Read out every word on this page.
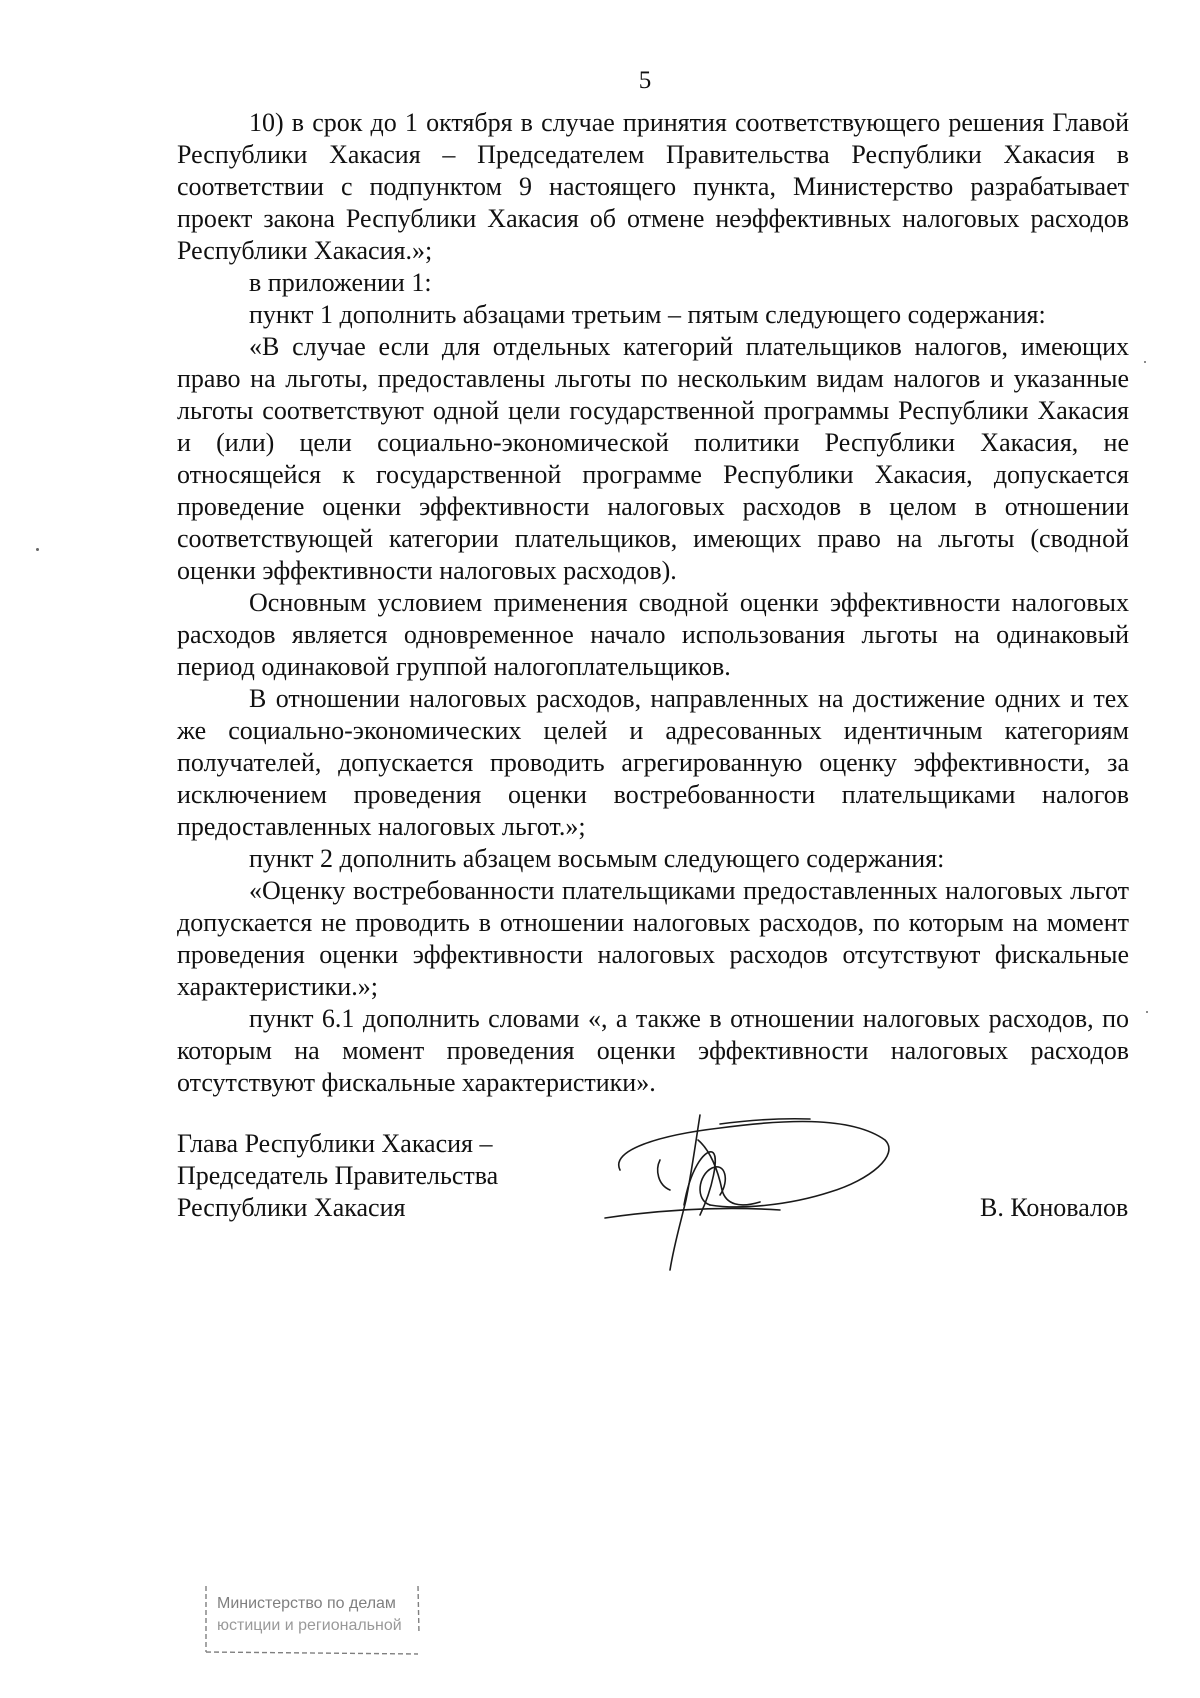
5

10) в срок до 1 октября в случае принятия соответствующего решения Главой Республики Хакасия – Председателем Правительства Республики Хакасия в соответствии с подпунктом 9 настоящего пункта, Министерство разрабатывает проект закона Республики Хакасия об отмене неэффективных налоговых расходов Республики Хакасия.»;

в приложении 1:

пункт 1 дополнить абзацами третьим – пятым следующего содержания:

«В случае если для отдельных категорий плательщиков налогов, имеющих право на льготы, предоставлены льготы по нескольким видам налогов и указанные льготы соответствуют одной цели государственной программы Республики Хакасия и (или) цели социально-экономической политики Республики Хакасия, не относящейся к государственной программе Республики Хакасия, допускается проведение оценки эффективности налоговых расходов в целом в отношении соответствующей категории плательщиков, имеющих право на льготы (сводной оценки эффективности налоговых расходов).

Основным условием применения сводной оценки эффективности налоговых расходов является одновременное начало использования льготы на одинаковый период одинаковой группой налогоплательщиков.

В отношении налоговых расходов, направленных на достижение одних и тех же социально-экономических целей и адресованных идентичным категориям получателей, допускается проводить агрегированную оценку эффективности, за исключением проведения оценки востребованности плательщиками налогов предоставленных налоговых льгот.»;

пункт 2 дополнить абзацем восьмым следующего содержания:

«Оценку востребованности плательщиками предоставленных налоговых льгот допускается не проводить в отношении налоговых расходов, по которым на момент проведения оценки эффективности налоговых расходов отсутствуют фискальные характеристики.»;

пункт 6.1 дополнить словами «, а также в отношении налоговых расходов, по которым на момент проведения оценки эффективности налоговых расходов отсутствуют фискальные характеристики».

Глава Республики Хакасия –

Председатель Правительства

Республики Хакасия	В. Коновалов
Министерство по делам
юстиции и региональной
